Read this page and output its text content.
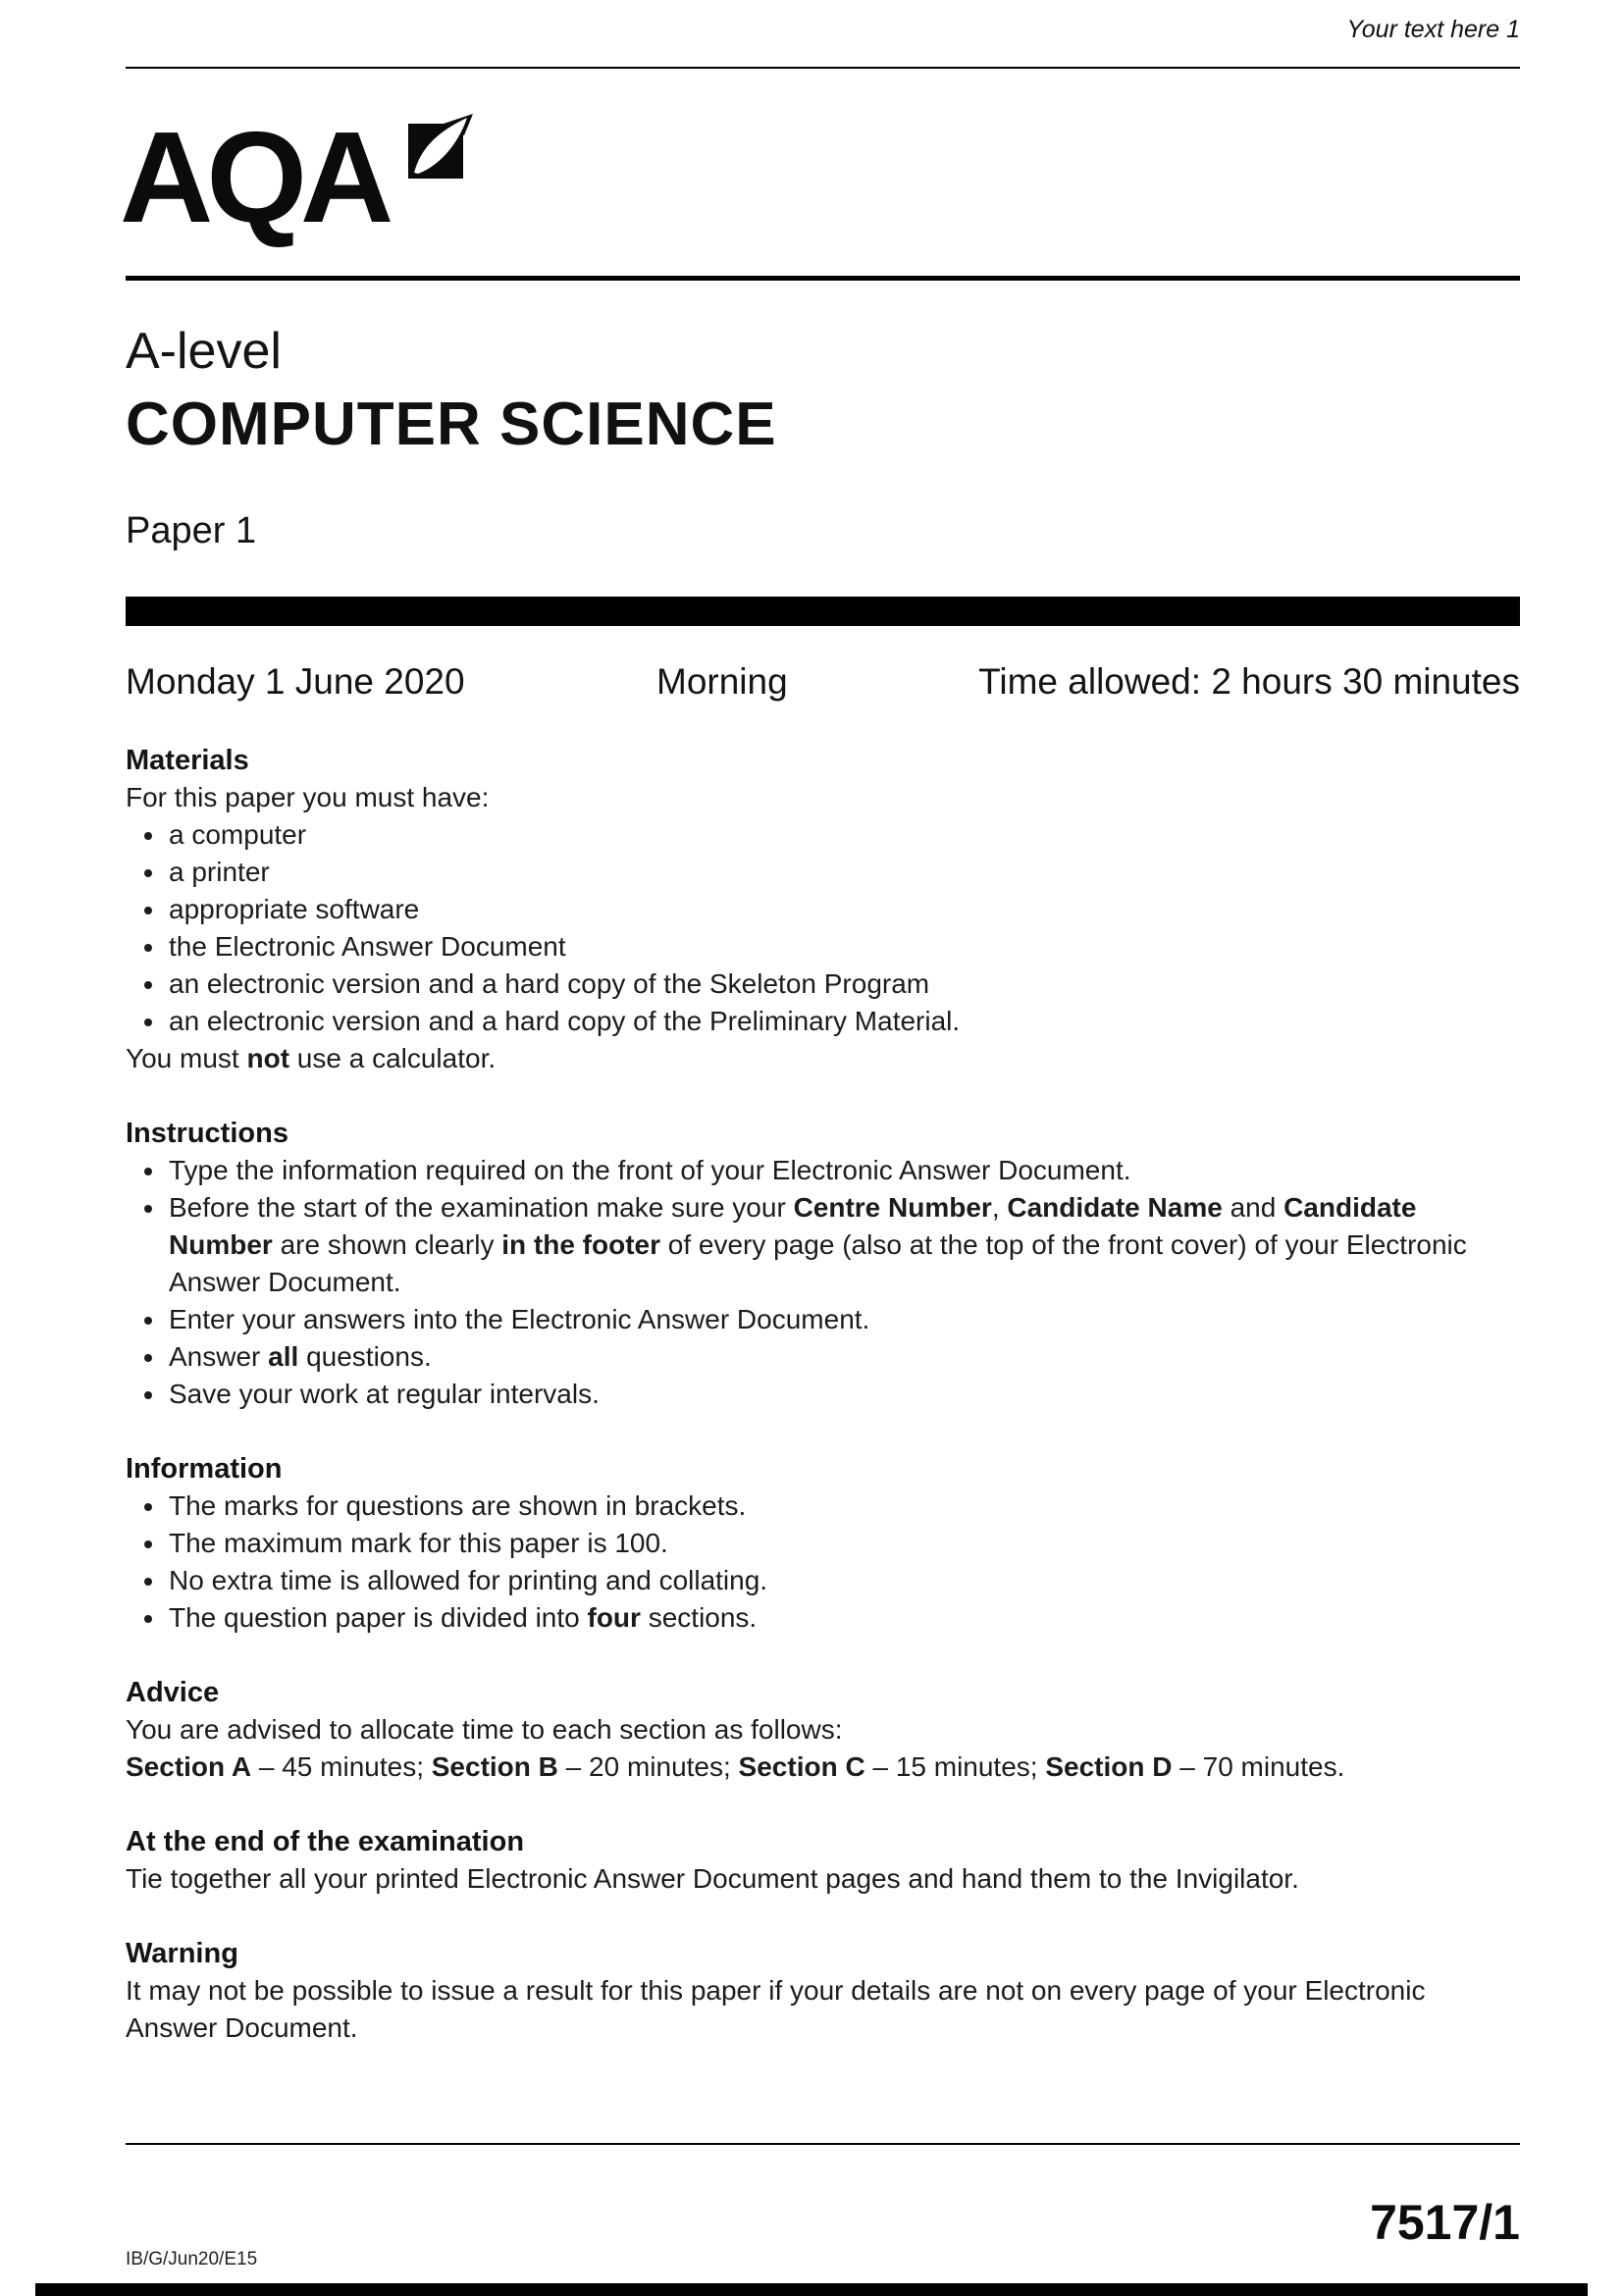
Your text here 1
AQA
A-level
COMPUTER SCIENCE
Paper 1
Monday 1 June 2020	Morning	Time allowed: 2 hours 30 minutes
Materials
For this paper you must have:
• a computer
• a printer
• appropriate software
• the Electronic Answer Document
• an electronic version and a hard copy of the Skeleton Program
• an electronic version and a hard copy of the Preliminary Material.
You must not use a calculator.
Instructions
• Type the information required on the front of your Electronic Answer Document.
• Before the start of the examination make sure your Centre Number, Candidate Name and Candidate Number are shown clearly in the footer of every page (also at the top of the front cover) of your Electronic Answer Document.
• Enter your answers into the Electronic Answer Document.
• Answer all questions.
• Save your work at regular intervals.
Information
• The marks for questions are shown in brackets.
• The maximum mark for this paper is 100.
• No extra time is allowed for printing and collating.
• The question paper is divided into four sections.
Advice
You are advised to allocate time to each section as follows:
Section A – 45 minutes; Section B – 20 minutes; Section C – 15 minutes; Section D – 70 minutes.
At the end of the examination
Tie together all your printed Electronic Answer Document pages and hand them to the Invigilator.
Warning
It may not be possible to issue a result for this paper if your details are not on every page of your Electronic Answer Document.
IB/G/Jun20/E15
7517/1
